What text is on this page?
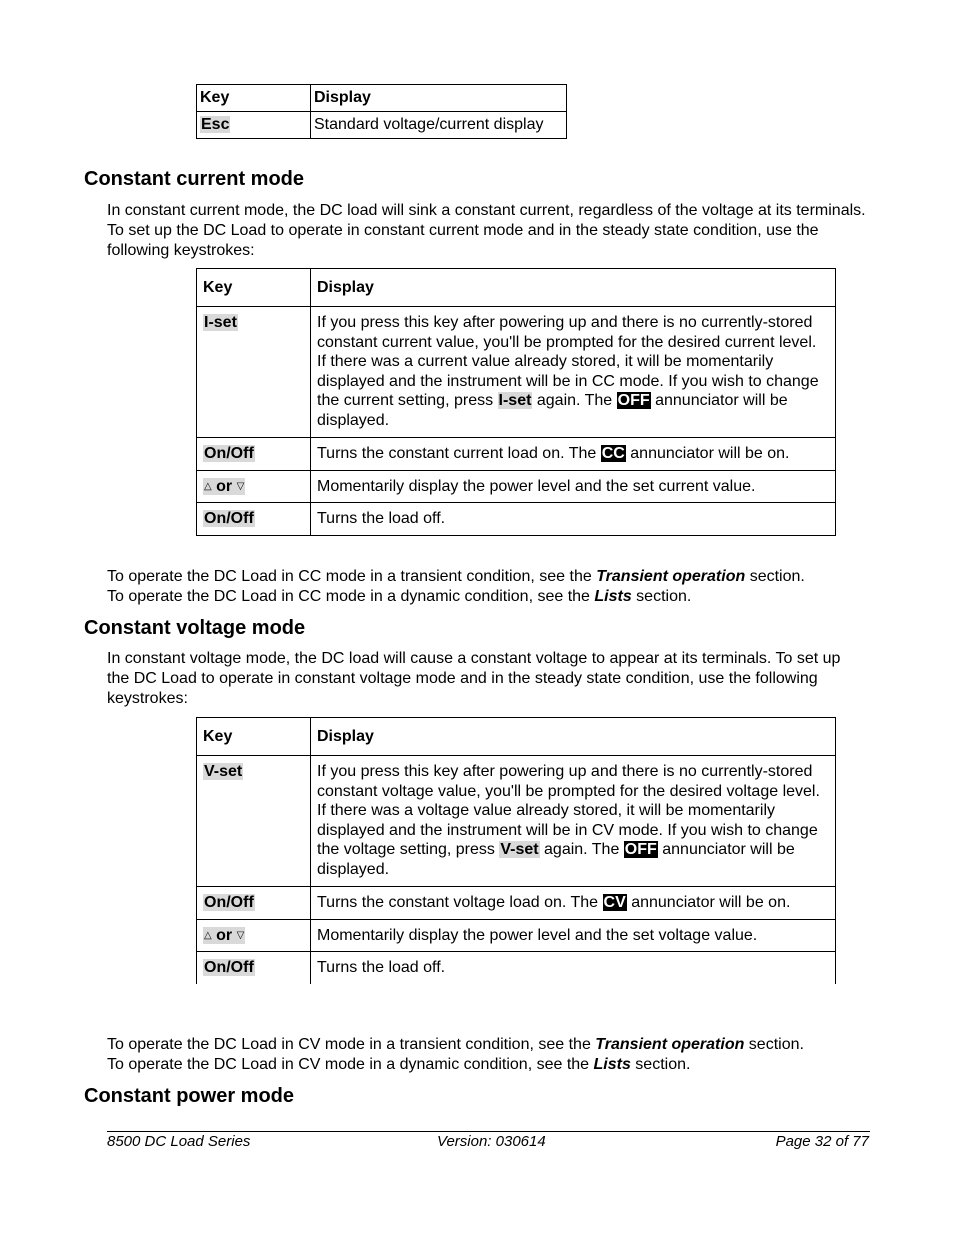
Key	Display
Esc	Standard voltage/current display
Constant current mode

In constant current mode, the DC load will sink a constant current, regardless of the voltage at its terminals. To set up the DC Load to operate in constant current mode and in the steady state condition, use the following keystrokes:

Key	Display
I-set	If you press this key after powering up and there is no currently-stored constant current value, you'll be prompted for the desired current level. If there was a current value already stored, it will be momentarily displayed and the instrument will be in CC mode. If you wish to change the current setting, press I-set again. The OFF annunciator will be displayed.
On/Off	Turns the constant current load on. The CC annunciator will be on.
△ or ▽	Momentarily display the power level and the set current value.
On/Off	Turns the load off.

To operate the DC Load in CC mode in a transient condition, see the Transient operation section.
To operate the DC Load in CC mode in a dynamic condition, see the Lists section.

Constant voltage mode

In constant voltage mode, the DC load will cause a constant voltage to appear at its terminals. To set up the DC Load to operate in constant voltage mode and in the steady state condition, use the following keystrokes:

Key	Display
V-set	If you press this key after powering up and there is no currently-stored constant voltage value, you'll be prompted for the desired voltage level. If there was a voltage value already stored, it will be momentarily displayed and the instrument will be in CV mode. If you wish to change the voltage setting, press V-set again. The OFF annunciator will be displayed.
On/Off	Turns the constant voltage load on. The CV annunciator will be on.
△ or ▽	Momentarily display the power level and the set voltage value.
On/Off	Turns the load off.

To operate the DC Load in CV mode in a transient condition, see the Transient operation section.
To operate the DC Load in CV mode in a dynamic condition, see the Lists section.

Constant power mode
8500 DC Load Series	Version: 030614	Page 32 of 77
